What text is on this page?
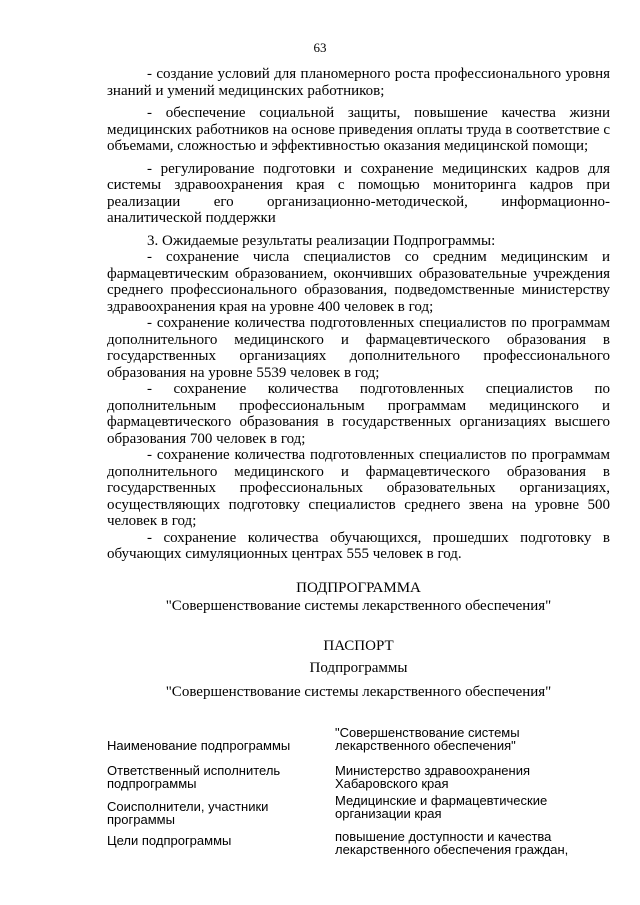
63

- создание условий для планомерного роста профессионального уровня знаний и умений медицинских работников;

- обеспечение социальной защиты, повышение качества жизни медицинских работников на основе приведения оплаты труда в соответствие с объемами, сложностью и эффективностью оказания медицинской помощи;

- регулирование подготовки и сохранение медицинских кадров для системы здравоохранения края с помощью мониторинга кадров при реализации его организационно-методической, информационно-аналитической поддержки

3. Ожидаемые результаты реализации Подпрограммы:

- сохранение числа специалистов со средним медицинским и фармацевтическим образованием, окончивших образовательные учреждения среднего профессионального образования, подведомственные министерству здравоохранения края на уровне 400 человек в год;

- сохранение количества подготовленных специалистов по программам дополнительного медицинского и фармацевтического образования в государственных организациях дополнительного профессионального образования на уровне 5539 человек в год;

- сохранение количества подготовленных специалистов по дополнительным профессиональным программам медицинского и фармацевтического образования в государственных организациях высшего образования 700 человек в год;

- сохранение количества подготовленных специалистов по программам дополнительного медицинского и фармацевтического образования в государственных профессиональных образовательных организациях, осуществляющих подготовку специалистов среднего звена на уровне 500 человек в год;

- сохранение количества обучающихся, прошедших подготовку в обучающих симуляционных центрах 555 человек в год.

ПОДПРОГРАММА
"Совершенствование системы лекарственного обеспечения"
ПАСПОРТ
Подпрограммы
"Совершенствование системы лекарственного обеспечения"
Наименование подпрограммы
"Совершенствование системы
лекарственного обеспечения"
Ответственный исполнитель
подпрограммы
Министерство здравоохранения
Хабаровского края
Соисполнители, участники
программы
Медицинские и фармацевтические
организации края
Цели подпрограммы	повышение доступности и качества
лекарственного обеспечения граждан,
